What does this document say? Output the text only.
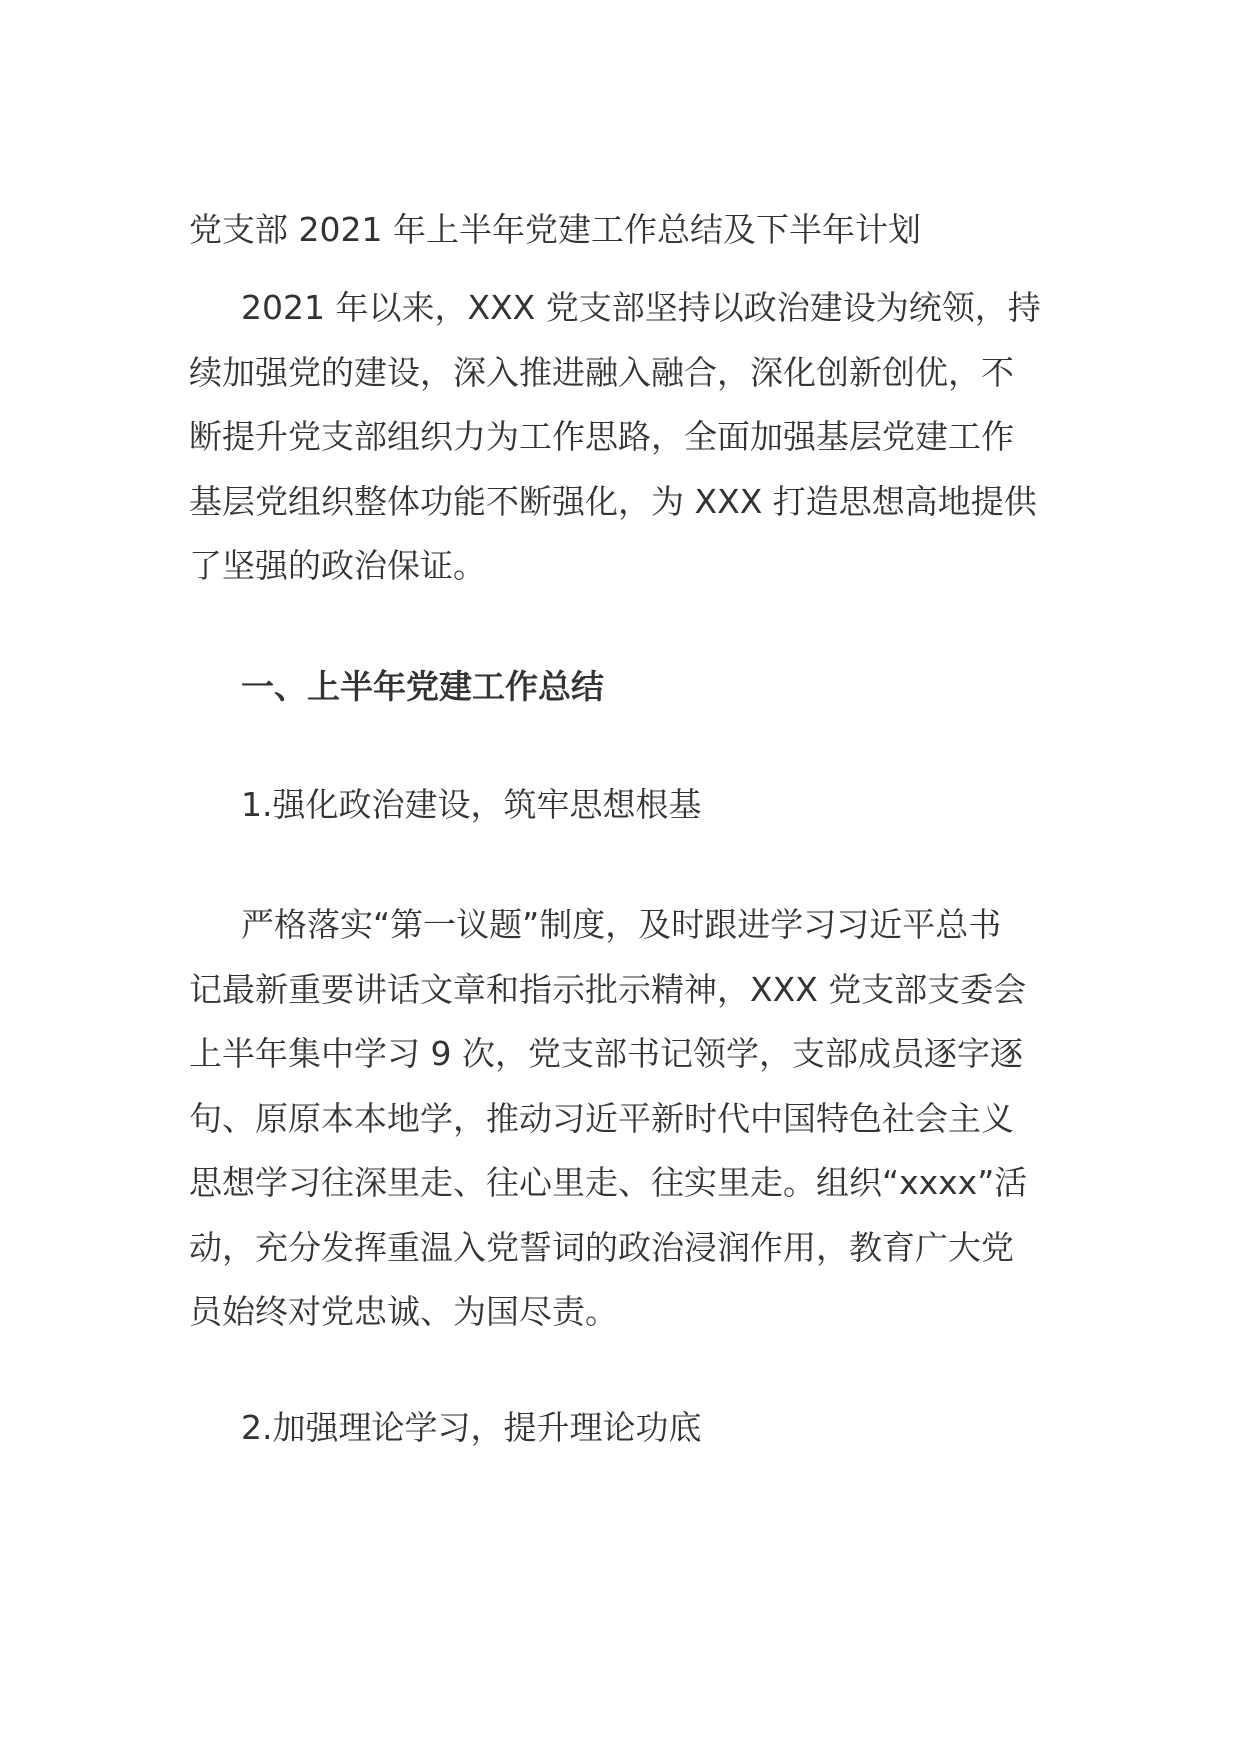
党支部 2021 年上半年党建工作总结及下半年计划
2021 年以来，XXX 党支部坚持以政治建设为统领，持
续加强党的建设，深入推进融入融合，深化创新创优，不
断提升党支部组织力为工作思路，全面加强基层党建工作
基层党组织整体功能不断强化，为 XXX 打造思想高地提供
了坚强的政治保证。
一、上半年党建工作总结
1.强化政治建设，筑牢思想根基
严格落实“第一议题”制度，及时跟进学习习近平总书
记最新重要讲话文章和指示批示精神，XXX 党支部支委会
上半年集中学习 9 次，党支部书记领学，支部成员逐字逐
句、原原本本地学，推动习近平新时代中国特色社会主义
思想学习往深里走、往心里走、往实里走。组织“xxxx”活
动，充分发挥重温入党誓词的政治浸润作用，教育广大党
员始终对党忠诚、为国尽责。
2.加强理论学习，提升理论功底
